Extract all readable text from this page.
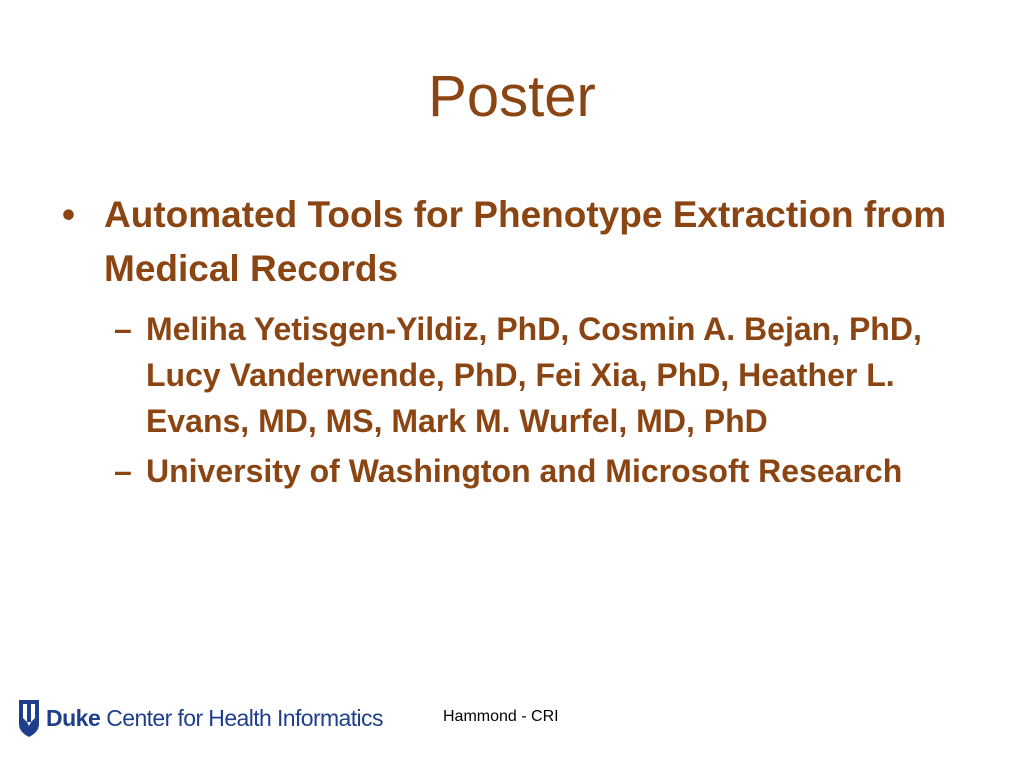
Poster
• Automated Tools for Phenotype Extraction from Medical Records
– Meliha Yetisgen-Yildiz, PhD, Cosmin A. Bejan, PhD, Lucy Vanderwende, PhD, Fei Xia, PhD, Heather L. Evans, MD, MS, Mark M. Wurfel, MD, PhD
– University of Washington and Microsoft Research
Duke Center for Health Informatics	Hammond - CRI
